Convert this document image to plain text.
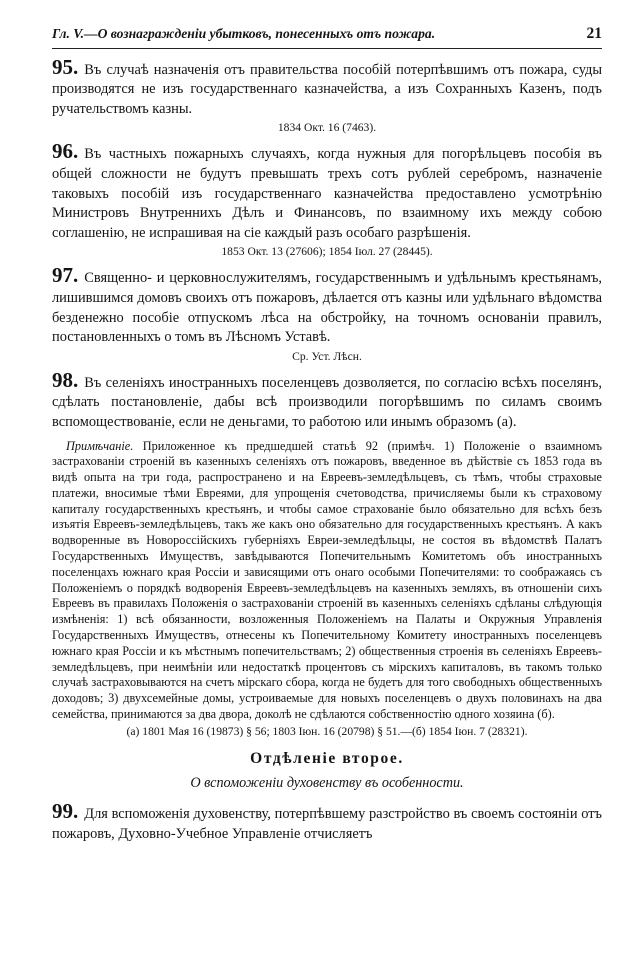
Гл. V.—О вознагражденіи убытковъ, понесенныхъ отъ пожара.	21

95. Въ случаѣ назначенія отъ правительства пособій потерпѣвшимъ отъ пожара, суды производятся не изъ государственнаго казначейства, а изъ Сохранныхъ Казенъ, подъ ручательствомъ казны.

1834 Окт. 16 (7463).

96. Въ частныхъ пожарныхъ случаяхъ, когда нужныя для погорѣльцевъ пособія въ общей сложности не будутъ превышать трехъ сотъ рублей серебромъ, назначеніе таковыхъ пособій изъ государственнаго казначейства предоставлено усмотрѣнію Министровъ Внутреннихъ Дѣлъ и Финансовъ, по взаимному ихъ между собою соглашенію, не испрашивая на сіе каждый разъ особаго разрѣшенія.

1853 Окт. 13 (27606); 1854 Іюл. 27 (28445).

97. Священно- и церковнослужителямъ, государственнымъ и удѣльнымъ крестьянамъ, лишившимся домовъ своихъ отъ пожаровъ, дѣлается отъ казны или удѣльнаго вѣдомства безденежно пособіе отпускомъ лѣса на обстройку, на точномъ основаніи правилъ, постановленныхъ о томъ въ Лѣсномъ Уставѣ.

Ср. Уст. Лѣсн.

98. Въ селеніяхъ иностранныхъ поселенцевъ дозволяется, по согласію всѣхъ поселянъ, сдѣлать постановленіе, дабы всѣ производили погорѣвшимъ по силамъ своимъ вспомоществованіе, если не деньгами, то работою или инымъ образомъ (а).

Примѣчаніе. Приложенное къ предшедшей статьѣ 92 (примѣч. 1) Положеніе о взаимномъ застрахованіи строеній въ казенныхъ селеніяхъ отъ пожаровъ, введенное въ дѣйствіе съ 1853 года въ видѣ опыта на три года, распространено и на Евреевъ-земледѣльцевъ, съ тѣмъ, чтобы страховые платежи, вносимые тѣми Евреями, для упрощенія счетоводства, причисляемы были къ страховому капиталу государственныхъ крестьянъ, и чтобы самое страхованіе было обязательно для всѣхъ безъ изъятія Евреевъ-земледѣльцевъ, такъ же какъ оно обязательно для государственныхъ крестьянъ. А какъ водворенные въ Новороссійскихъ губерніяхъ Евреи-земледѣльцы, не состоя въ вѣдомствѣ Палатъ Государственныхъ Имуществъ, завѣдываются Попечительнымъ Комитетомъ объ иностранныхъ поселенцахъ южнаго края Россіи и зависящими отъ онаго особыми Попечителями: то соображаясь съ Положеніемъ о порядкѣ водворенія Евреевъ-земледѣльцевъ на казенныхъ земляхъ, въ отношеніи сихъ Евреевъ въ правилахъ Положенія о застрахованіи строеній въ казенныхъ селеніяхъ сдѣланы слѣдующія измѣненія: 1) всѣ обязанности, возложенныя Положеніемъ на Палаты и Окружныя Управленія Государственныхъ Имуществъ, отнесены къ Попечительному Комитету иностранныхъ поселенцевъ южнаго края Россіи и къ мѣстнымъ попечительствамъ; 2) общественныя строенія въ селеніяхъ Евреевъ-земледѣльцевъ, при неимѣніи или недостаткѣ процентовъ съ мірскихъ капиталовъ, въ такомъ только случаѣ застраховываются на счетъ мірскаго сбора, когда не будетъ для того свободныхъ общественныхъ доходовъ; 3) двухсемейные домы, устроиваемые для новыхъ поселенцевъ о двухъ половинахъ на два семейства, принимаются за два двора, доколѣ не сдѣлаются собственностію одного хозяина (б).

(а) 1801 Мая 16 (19873) § 56; 1803 Іюн. 16 (20798) § 51.—(б) 1854 Іюн. 7 (28321).
Отдѣленіе второе.
О вспоможеніи духовенству въ особенности.

99. Для вспоможенія духовенству, потерпѣвшему разстройство въ своемъ состояніи отъ пожаровъ, Духовно-Учебное Управленіе отчисляетъ
